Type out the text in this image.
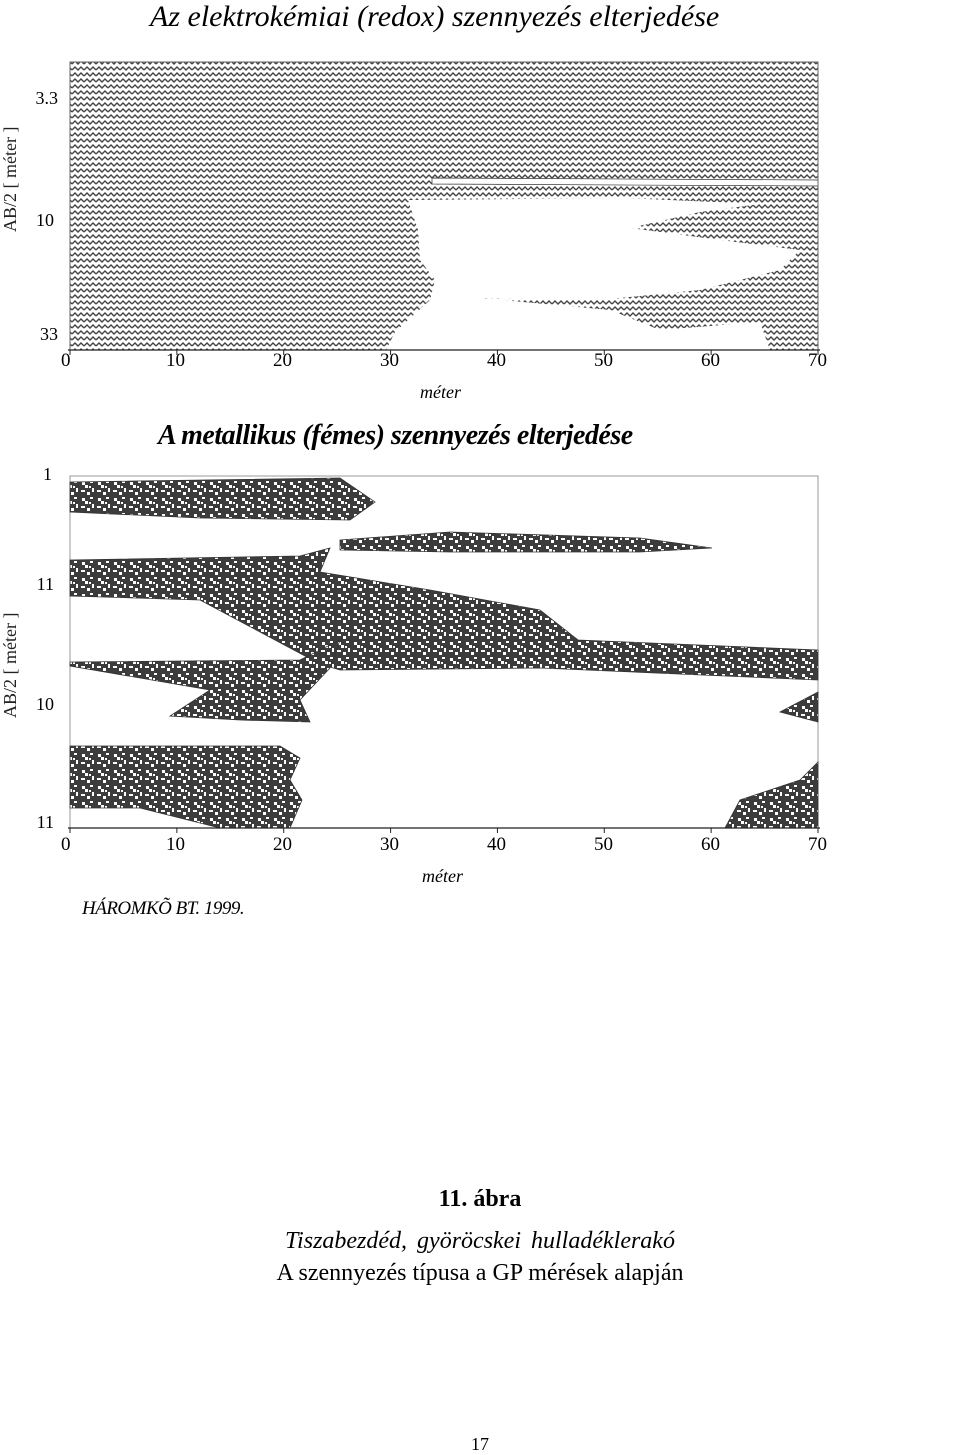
Az elektrokémiai (redox) szennyezés elterjedése
A metallikus (fémes) szennyezés elterjedése
AB/2 [ méter ]
AB/2 [ méter ]
3.3
10
33
1
11
10
11
0	10	20	30	40	50	60	70
méter
0	10	20	30	40	50	60	70
méter
HÁROMKÕ BT. 1999.
11. ábra
Tiszabezdéd, györöcskei hulladéklerakó
A szennyezés típusa a GP mérések alapján
17
